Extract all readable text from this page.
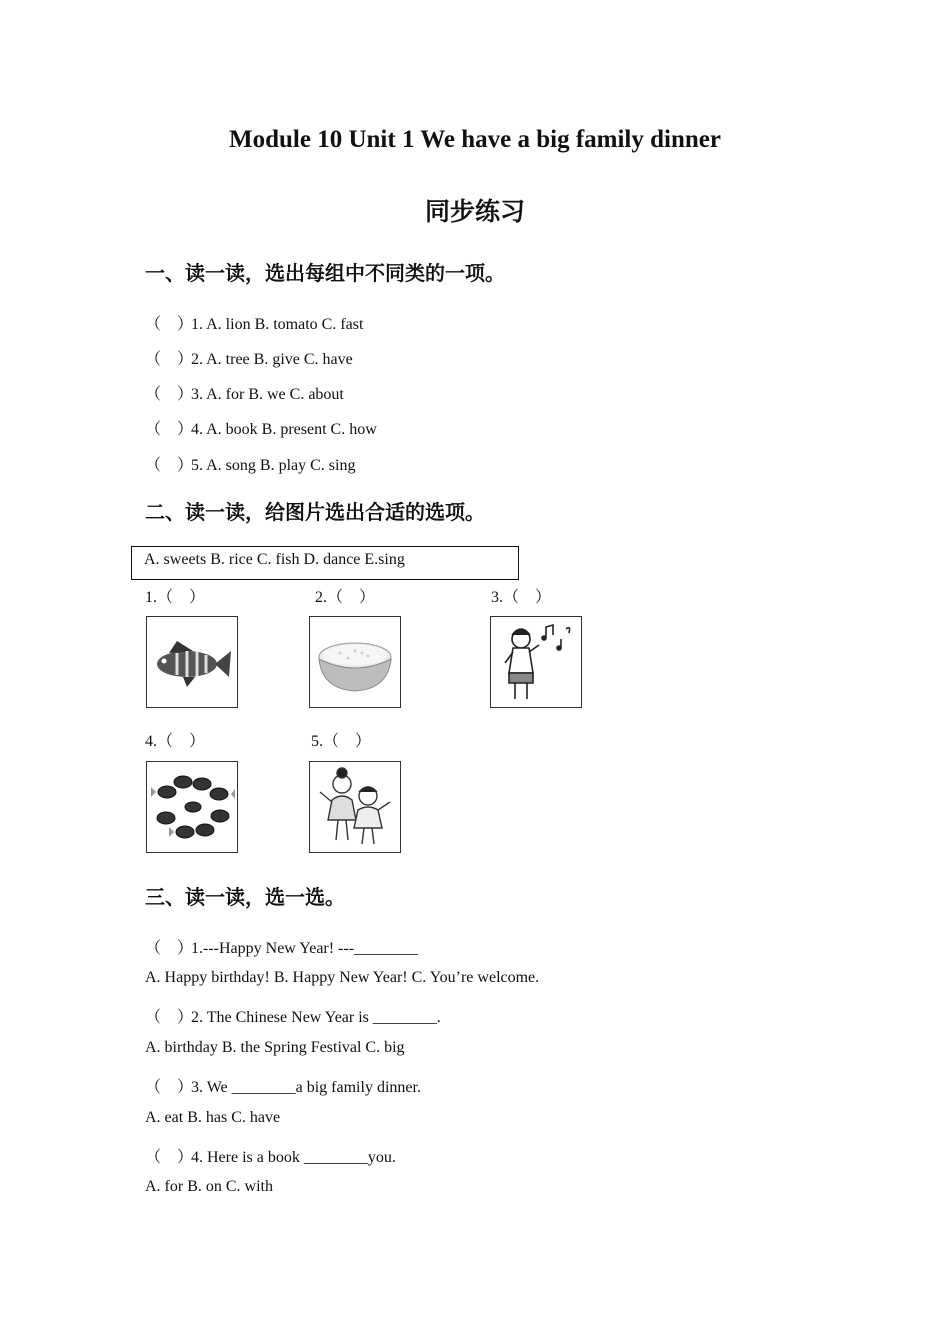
Module 10 Unit 1 We have a big family dinner
同步练习
一、读一读，选出每组中不同类的一项。
（　）1. A. lion B. tomato C. fast
（　）2. A. tree B. give C. have
（　）3. A. for B. we C. about
（　）4. A. book B. present C. how
（　）5. A. song B. play C. sing
二、读一读，给图片选出合适的选项。
A. sweets B. rice C. fish D. dance E.sing
1.（　）	2.（　）	3.（　）
4.（　）	5.（　）
三、读一读，选一选。
（　）1.---Happy New Year! ---________
A. Happy birthday! B. Happy New Year! C. You’re welcome.
（　）2. The Chinese New Year is ________.
A. birthday B. the Spring Festival C. big
（　）3. We ________a big family dinner.
A. eat B. has C. have
（　）4. Here is a book ________you.
A. for B. on C. with
